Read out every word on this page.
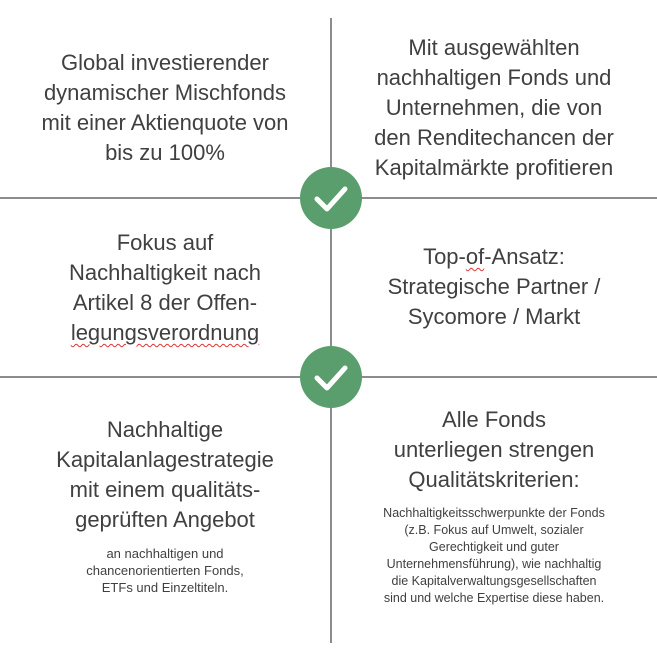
Global investierender
dynamischer Mischfonds
mit einer Aktienquote von
bis zu 100%
Mit ausgewählten
nachhaltigen Fonds und
Unternehmen, die von
den Renditechancen der
Kapitalmärkte profitieren
Fokus auf
Nachhaltigkeit nach
Artikel 8 der Offen-
legungsverordnung
Top-of-Ansatz:
Strategische Partner /
Sycomore / Markt
Nachhaltige
Kapitalanlagestrategie
mit einem qualitäts-
geprüften Angebot
an nachhaltigen und
chancenorientierten Fonds,
ETFs und Einzeltiteln.
Alle Fonds
unterliegen strengen
Qualitätskriterien:
Nachhaltigkeitsschwerpunkte der Fonds
(z.B. Fokus auf Umwelt, sozialer
Gerechtigkeit und guter
Unternehmensführung), wie nachhaltig
die Kapitalverwaltungsgesellschaften
sind und welche Expertise diese haben.
